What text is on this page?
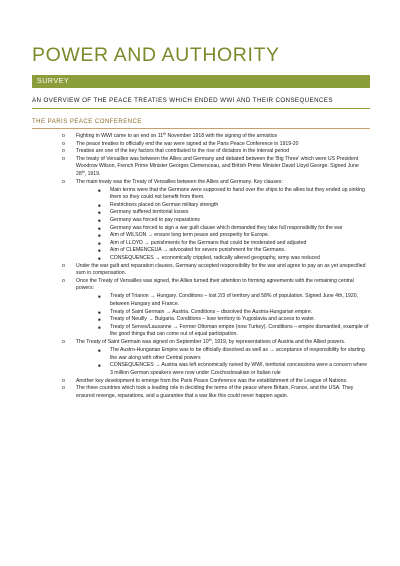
POWER AND AUTHORITY
SURVEY
AN OVERVIEW OF THE PEACE TREATIES WHICH ENDED WWI AND THEIR CONSEQUENCES
THE PARIS PEACE CONFERENCE
o Fighting in WWI came to an end on 11th November 1918 with the signing of the armistice
o The peace treaties to officially end the war were signed at the Paris Peace Conference in 1919-20
o Treaties are one of the key factors that contributed to the rise of dictators in the interval period
o The treaty of Versailles was between the Allies and Germany and debated between the 'Big Three' which were US President Woodrow Wilson, French Prime Minister Georges Clemenceau, and British Prime Minister David Lloyd George. Signed June 28th, 1919.
o The main treaty was the Treaty of Versailles between the Allies and Germany. Key clauses:
■ Main terms were that the Germans were supposed to hand over the ships to the allies but they ended up sinking them so they could not benefit from them.
■ Restrictions placed on German military strength
■ Germany suffered territorial losses
■ Germany was forced to pay reparations
■ Germany was forced to sign a war guilt clause which demanded they take full responsibility for the war
■ Aim of WILSON → ensure long term peace and prosperity for Europe.
■ Aim of LLOYD → punishments for the Germans that could be moderated and adjusted
■ Aim of CLEMENCEUA → advocated for severe punishment for the Germans.
■ CONSEQUENCES → economically crippled, radically altered geography, army was reduced
o Under the war guilt and reparation clauses, Germany accepted responsibility for the war and agree to pay an as yet unspecified sum in compensation.
o Once the Treaty of Versailles was signed, the Allies turned their attention to forming agreements with the remaining central powers:
■ Treaty of Trianon → Hungary. Conditions – lost 2/3 of territory and 58% of population. Signed June 4th, 1920, between Hungary and France.
■ Treaty of Saint Germain → Austria. Conditions – dissolved the Austria-Hungarian empire.
■ Treaty of Neuilly → Bulgaria. Conditions – lose territory to Yugoslavia and access to water.
■ Treaty of Serves/Lausanne → Former Ottoman empire (now Turkey). Conditions – empire dismantled, example of the good things that can come out of equal participation.
o The Treaty of Saint Germain was signed on September 10th, 1919, by representatives of Austria and the Allied powers.
■ The Austro-Hungarian Empire was to be officially dissolved as well as → acceptance of responsibility for starting the war along with other Central powers
■ CONSEQUENCES → Austria was left economically ruined by WWI, territorial concessions were a concern where 3 million German speakers were now under Czechoslovakian or Italian rule
o Another key development to emerge from the Paris Peace Conference was the establishment of the League of Nations.
o The three countries which took a leading role in deciding the terms of the peace where Britain, France, and the USA. They ensured revenge, reparations, and a guarantee that a war like this could never happen again.
